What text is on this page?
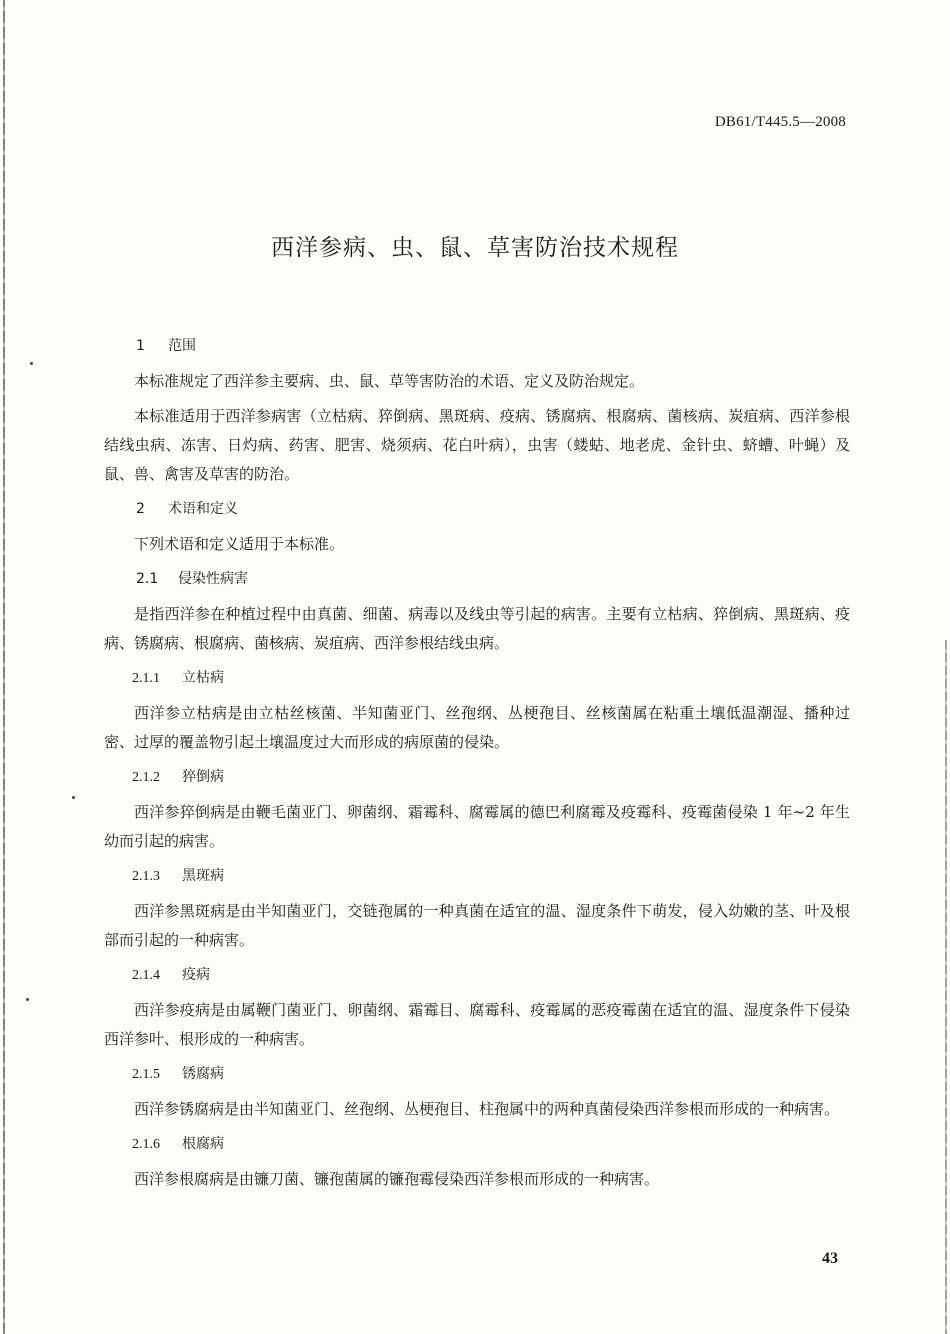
DB61/T445.5—2008
西洋参病、虫、鼠、草害防治技术规程

1 范围

本标准规定了西洋参主要病、虫、鼠、草等害防治的术语、定义及防治规定。

本标准适用于西洋参病害（立枯病、猝倒病、黑斑病、疫病、锈腐病、根腐病、菌核病、炭疽病、西洋参根结线虫病、冻害、日灼病、药害、肥害、烧须病、花白叶病），虫害（蝼蛄、地老虎、金针虫、蛴螬、叶蝇）及鼠、兽、禽害及草害的防治。

2 术语和定义

下列术语和定义适用于本标准。

2.1 侵染性病害

是指西洋参在种植过程中由真菌、细菌、病毒以及线虫等引起的病害。主要有立枯病、猝倒病、黑斑病、疫病、锈腐病、根腐病、菌核病、炭疽病、西洋参根结线虫病。

2.1.1 立枯病

西洋参立枯病是由立枯丝核菌、半知菌亚门、丝孢纲、丛梗孢目、丝核菌属在粘重土壤低温潮湿、播种过密、过厚的覆盖物引起土壤温度过大而形成的病原菌的侵染。

2.1.2 猝倒病

西洋参猝倒病是由鞭毛菌亚门、卵菌纲、霜霉科、腐霉属的德巴利腐霉及疫霉科、疫霉菌侵染 1 年~2 年生幼而引起的病害。

2.1.3 黑斑病

西洋参黑斑病是由半知菌亚门，交链孢属的一种真菌在适宜的温、湿度条件下萌发，侵入幼嫩的茎、叶及根部而引起的一种病害。

2.1.4 疫病

西洋参疫病是由属鞭门菌亚门、卵菌纲、霜霉目、腐霉科、疫霉属的恶疫霉菌在适宜的温、湿度条件下侵染西洋参叶、根形成的一种病害。

2.1.5 锈腐病

西洋参锈腐病是由半知菌亚门、丝孢纲、丛梗孢目、柱孢属中的两种真菌侵染西洋参根而形成的一种病害。

2.1.6 根腐病

西洋参根腐病是由镰刀菌、镰孢菌属的镰孢霉侵染西洋参根而形成的一种病害。

43
